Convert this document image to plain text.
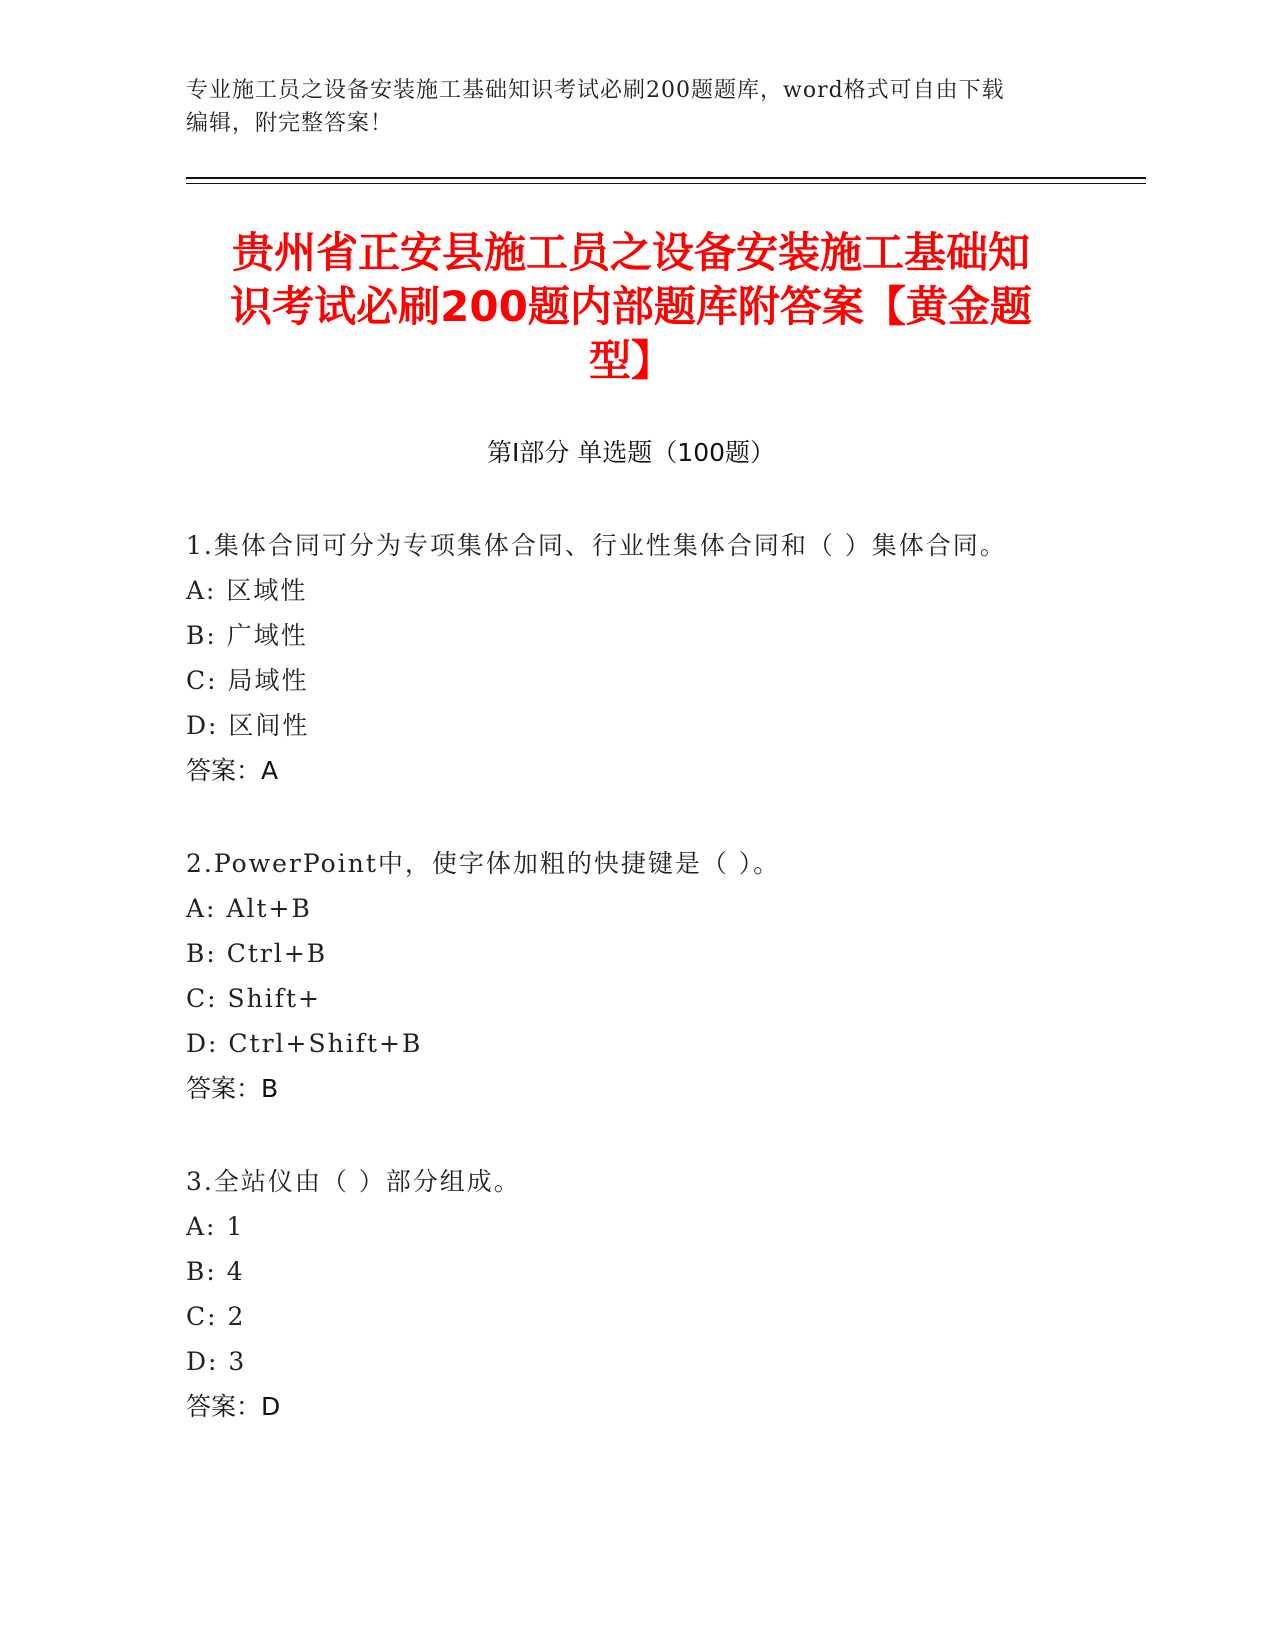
专业施工员之设备安装施工基础知识考试必刷200题题库，word格式可自由下载
编辑，附完整答案！
贵州省正安县施工员之设备安装施工基础知
识考试必刷200题内部题库附答案【黄金题
型】
第Ⅰ部分 单选题（100题）
1.集体合同可分为专项集体合同、行业性集体合同和（ ）集体合同。
A: 区域性
B: 广域性
C: 局域性
D: 区间性
答案：A
2.PowerPoint中，使字体加粗的快捷键是（ ）。
A: Alt+B
B: Ctrl+B
C: Shift+
D: Ctrl+Shift+B
答案：B
3.全站仪由（ ）部分组成。
A: 1
B: 4
C: 2
D: 3
答案：D
